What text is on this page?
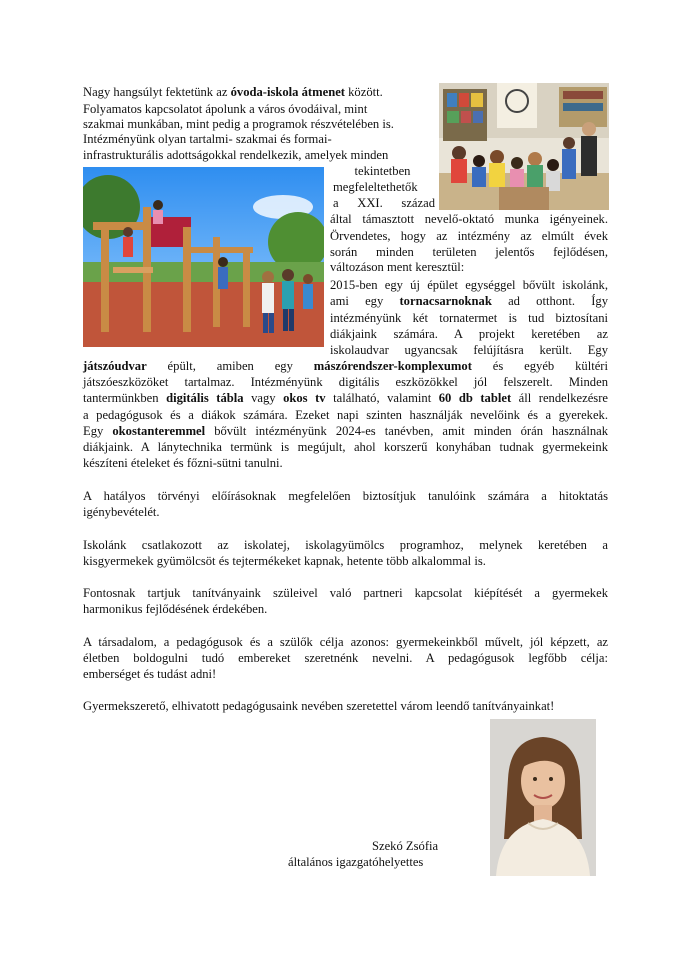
Nagy hangsúlyt fektetünk az óvoda-iskola átmenet között.
Folyamatos kapcsolatot ápolunk a város óvodáival, mint
szakmai munkában, mint pedig a programok részvételében is.
Intézményünk olyan tartalmi- szakmai és formai-
infrastrukturális adottságokkal rendelkezik, amelyek minden
tekintetben
megfeleltethetők
a XXI. század
által támasztott nevelő-oktató munka igényeinek.
Örvendetes, hogy az intézmény az elmúlt évek
során minden területen jelentős fejlődésen,
változáson ment keresztül:
2015-ben egy új épület egységgel bővült iskolánk,
ami egy tornacsarnoknak ad otthont. Így
intézményünk két tornatermet is tud biztosítani
diákjaink számára. A projekt keretében az
iskolaudvar ugyancsak felújításra került. Egy
játszóudvar épült, amiben egy mászórendszer-komplexumot és egyéb kültéri
játszóeszközöket tartalmaz. Intézményünk digitális eszközökkel jól felszerelt. Minden
tantermünkben digitális tábla vagy okos tv található, valamint 60 db tablet áll rendelkezésre
a pedagógusok és a diákok számára. Ezeket napi szinten használják nevelőink és a gyerekek.
Egy okostanteremmel bővült intézményünk 2024-es tanévben, amit minden órán használnak
diákjaink. A lánytechnika termünk is megújult, ahol korszerű konyhában tudnak gyermekeink
készíteni ételeket és főzni-sütni tanulni.
A hatályos törvényi előírásoknak megfelelően biztosítjuk tanulóink számára a hitoktatás
igénybevételét.
Iskolánk csatlakozott az iskolatej, iskolagyümölcs programhoz, melynek keretében a
kisgyermekek gyümölcsöt és tejtermékeket kapnak, hetente több alkalommal is.
Fontosnak tartjuk tanítványaink szüleivel való partneri kapcsolat kiépítését a gyermekek
harmonikus fejlődésének érdekében.
A társadalom, a pedagógusok és a szülők célja azonos: gyermekeinkből művelt, jól képzett, az
életben boldogulni tudó embereket szeretnénk nevelni. A pedagógusok legfőbb célja:
emberséget és tudást adni!
Gyermekszerető, elhivatott pedagógusaink nevében szeretettel várom leendő tanítványainkat!
Szekó Zsófia
általános igazgatóhelyettes
